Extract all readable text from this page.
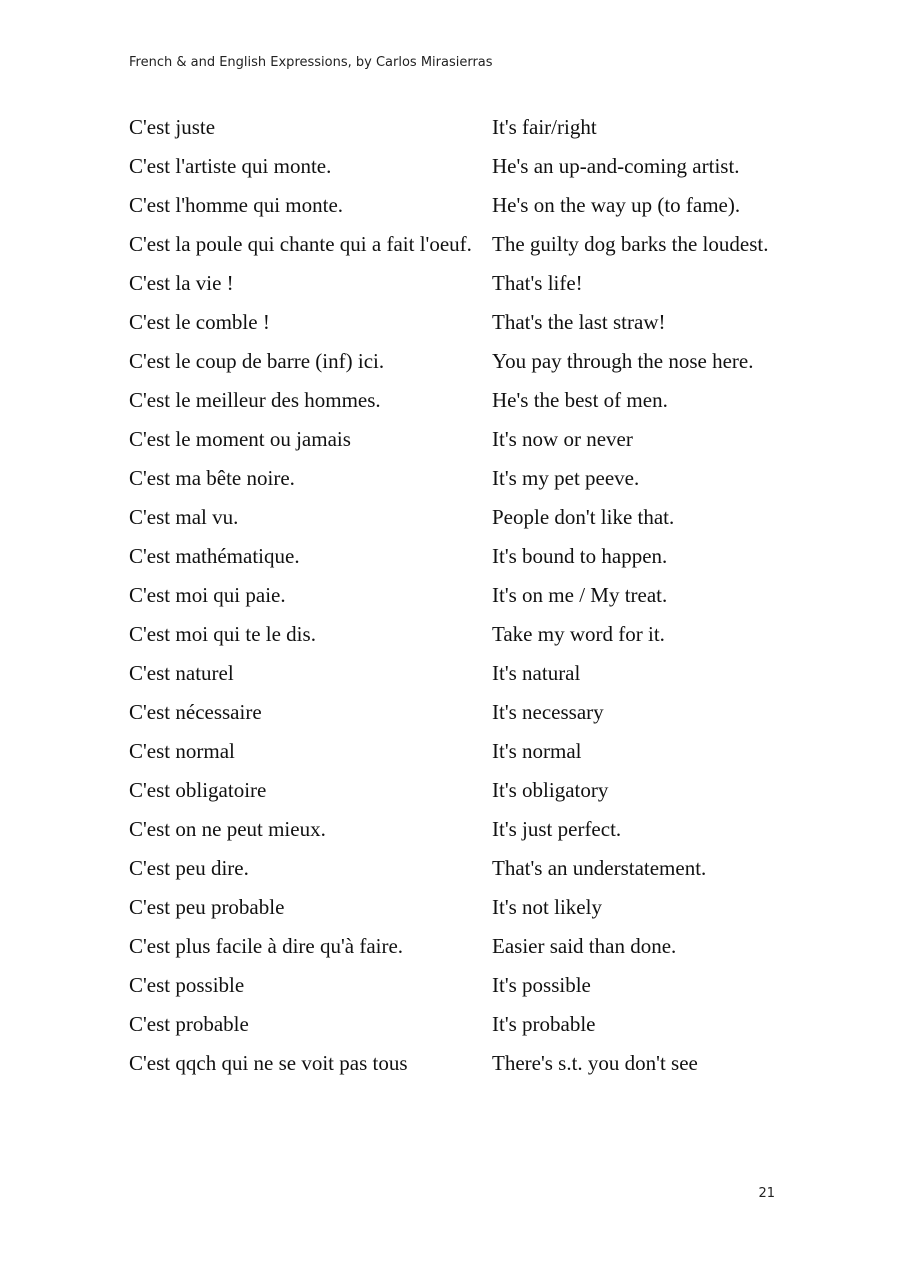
French & and English Expressions, by Carlos Mirasierras
C'est juste	It's fair/right
C'est l'artiste qui monte.	He's an up-and-coming artist.
C'est l'homme qui monte.	He's on the way up (to fame).
C'est la poule qui chante qui a fait l'oeuf.	The guilty dog barks the loudest.
C'est la vie !	That's life!
C'est le comble !	That's the last straw!
C'est le coup de barre (inf) ici.	You pay through the nose here.
C'est le meilleur des hommes.	He's the best of men.
C'est le moment ou jamais	It's now or never
C'est ma bête noire.	It's my pet peeve.
C'est mal vu.	People don't like that.
C'est mathématique.	It's bound to happen.
C'est moi qui paie.	It's on me / My treat.
C'est moi qui te le dis.	Take my word for it.
C'est naturel	It's natural
C'est nécessaire	It's necessary
C'est normal	It's normal
C'est obligatoire	It's obligatory
C'est on ne peut mieux.	It's just perfect.
C'est peu dire.	That's an understatement.
C'est peu probable	It's not likely
C'est plus facile à dire qu'à faire.	Easier said than done.
C'est possible	It's possible
C'est probable	It's probable
C'est qqch qui ne se voit pas tous	There's s.t. you don't see
21
